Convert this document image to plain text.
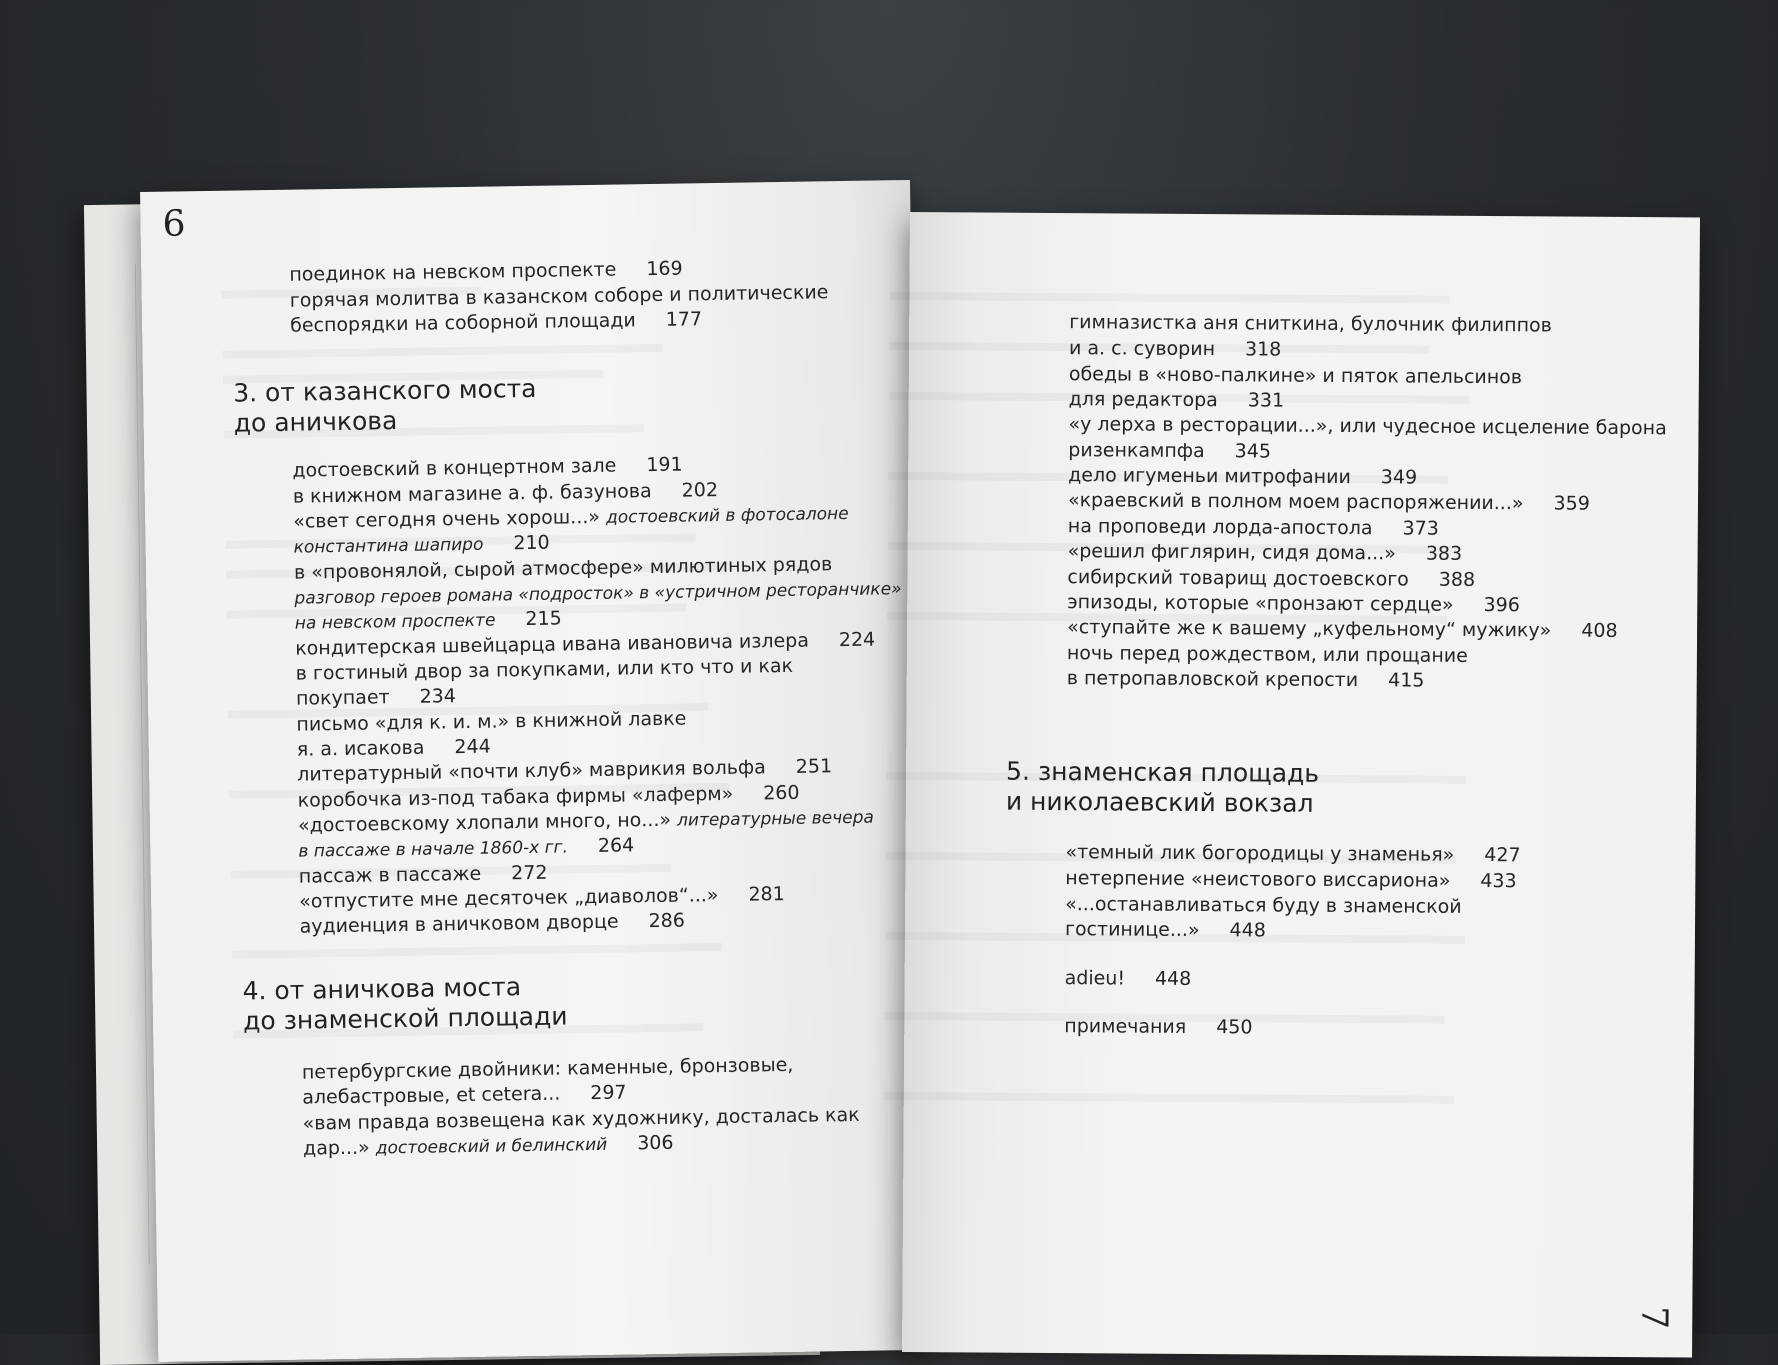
6
поединок на невском проспекте 169
горячая молитва в казанском соборе и политические
беспорядки на соборной площади 177
3. от казанского моста
до аничкова
достоевский в концертном зале 191
в книжном магазине а. ф. базунова 202
«свет сегодня очень хорош...» достоевский в фотосалоне
константина шапиро 210
в «провонялой, сырой атмосфере» милютиных рядов
разговор героев романа «подросток» в «устричном ресторанчике»
на невском проспекте 215
кондитерская швейцарца ивана ивановича излера 224
в гостиный двор за покупками, или кто что и как
покупает 234
письмо «для к. и. м.» в книжной лавке
я. а. исакова 244
литературный «почти клуб» маврикия вольфа 251
коробочка из-под табака фирмы «лаферм» 260
«достоевскому хлопали много, но...» литературные вечера
в пассаже в начале 1860-х гг. 264
пассаж в пассаже 272
«отпустите мне десяточек „диаволов“...» 281
аудиенция в аничковом дворце 286
4. от аничкова моста
до знаменской площади
петербургские двойники: каменные, бронзовые,
алебастровые, et cetera... 297
«вам правда возвещена как художнику, досталась как
дар...» достоевский и белинский 306
7
гимназистка аня сниткина, булочник филиппов
и а. с. суворин 318
обеды в «ново-палкине» и пяток апельсинов
для редактора 331
«у лерха в ресторации...», или чудесное исцеление барона
ризенкампфа 345
дело игуменьи митрофании 349
«краевский в полном моем распоряжении...» 359
на проповеди лорда-апостола 373
«решил фиглярин, сидя дома...» 383
сибирский товарищ достоевского 388
эпизоды, которые «пронзают сердце» 396
«ступайте же к вашему „куфельному“ мужику» 408
ночь перед рождеством, или прощание
в петропавловской крепости 415
5. знаменская площадь
и николаевский вокзал
«темный лик богородицы у знаменья» 427
нетерпение «неистового виссариона» 433
«...останавливаться буду в знаменской
гостинице...» 448
adieu! 448
примечания 450
